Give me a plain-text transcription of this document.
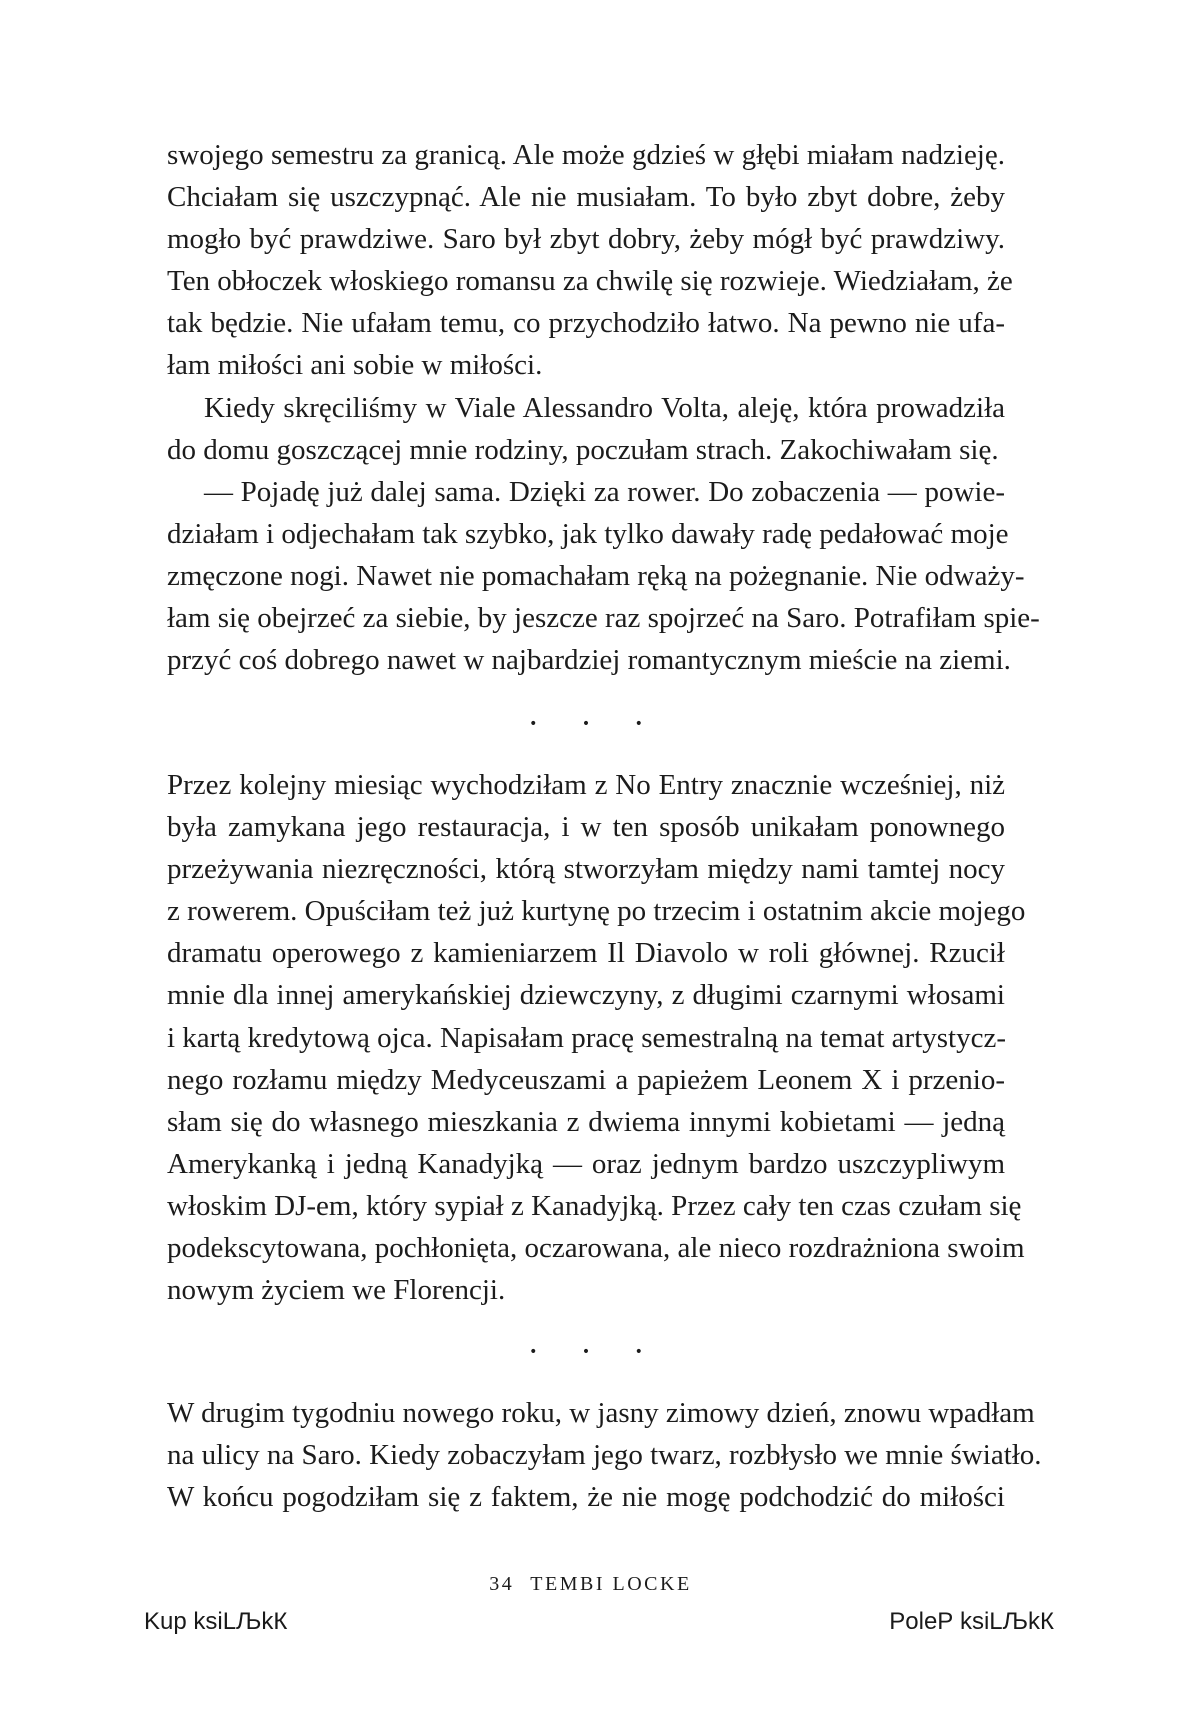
swojego semestru za granicą. Ale może gdzieś w głębi miałam nadzieję.
Chciałam się uszczypnąć. Ale nie musiałam. To było zbyt dobre, żeby
mogło być prawdziwe. Saro był zbyt dobry, żeby mógł być prawdziwy.
Ten obłoczek włoskiego romansu za chwilę się rozwieje. Wiedziałam, że
tak będzie. Nie ufałam temu, co przychodziło łatwo. Na pewno nie ufa-
łam miłości ani sobie w miłości.
Kiedy skręciliśmy w Viale Alessandro Volta, aleję, która prowadziła
do domu goszczącej mnie rodziny, poczułam strach. Zakochiwałam się.
— Pojadę już dalej sama. Dzięki za rower. Do zobaczenia — powie-
działam i odjechałam tak szybko, jak tylko dawały radę pedałować moje
zmęczone nogi. Nawet nie pomachałam ręką na pożegnanie. Nie odważy-
łam się obejrzeć za siebie, by jeszcze raz spojrzeć na Saro. Potrafiłam spie-
przyć coś dobrego nawet w najbardziej romantycznym mieście na ziemi.
•	•	•
Przez kolejny miesiąc wychodziłam z No Entry znacznie wcześniej, niż
była zamykana jego restauracja, i w ten sposób unikałam ponownego
przeżywania niezręczności, którą stworzyłam między nami tamtej nocy
z rowerem. Opuściłam też już kurtynę po trzecim i ostatnim akcie mojego
dramatu operowego z kamieniarzem Il Diavolo w roli głównej. Rzucił
mnie dla innej amerykańskiej dziewczyny, z długimi czarnymi włosami
i kartą kredytową ojca. Napisałam pracę semestralną na temat artystycz-
nego rozłamu między Medyceuszami a papieżem Leonem X i przenio-
słam się do własnego mieszkania z dwiema innymi kobietami — jedną
Amerykanką i jedną Kanadyjką — oraz jednym bardzo uszczypliwym
włoskim DJ-em, który sypiał z Kanadyjką. Przez cały ten czas czułam się
podekscytowana, pochłonięta, oczarowana, ale nieco rozdrażniona swoim
nowym życiem we Florencji.
•	•	•
W drugim tygodniu nowego roku, w jasny zimowy dzień, znowu wpadłam
na ulicy na Saro. Kiedy zobaczyłam jego twarz, rozbłysło we mnie światło.
W końcu pogodziłam się z faktem, że nie mogę podchodzić do miłości
34 TEMBI LOCKE
Kup ksiLЉkК	PoleР ksiLЉkК
